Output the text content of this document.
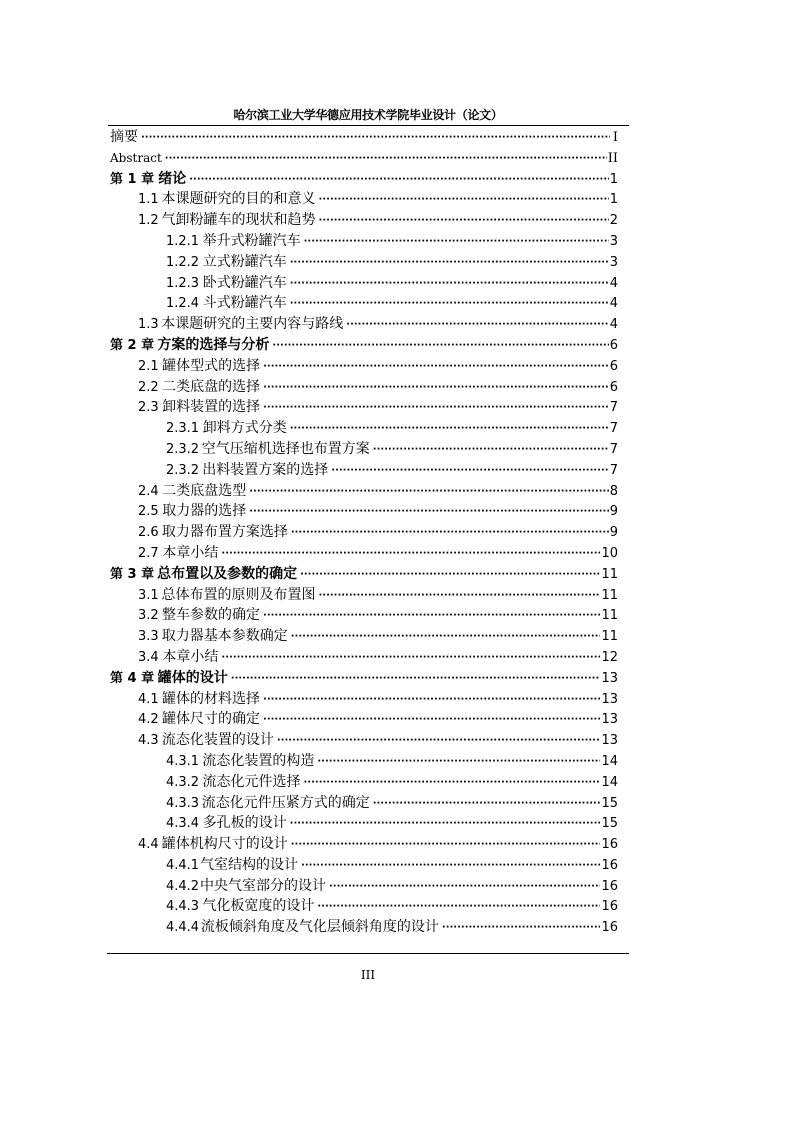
哈尔滨工业大学华德应用技术学院毕业设计（论文）
摘要 ·····	I
Abstract ·····	II
第 1 章 绪论 ·····	1
1.1 本课题研究的目的和意义 ·····	1
1.2 气卸粉罐车的现状和趋势 ·····	2
1.2.1 举升式粉罐汽车 ·····	3
1.2.2 立式粉罐汽车 ·····	3
1.2.3 卧式粉罐汽车 ·····	4
1.2.4 斗式粉罐汽车 ·····	4
1.3 本课题研究的主要内容与路线 ·····	4
第 2 章 方案的选择与分析 ·····	6
2.1 罐体型式的选择 ·····	6
2.2 二类底盘的选择 ·····	6
2.3 卸料装置的选择 ·····	7
2.3.1 卸料方式分类 ·····	7
2.3.2 空气压缩机选择也布置方案 ·····	7
2.3.2 出料装置方案的选择 ·····	7
2.4 二类底盘选型 ·····	8
2.5 取力器的选择 ·····	9
2.6 取力器布置方案选择 ·····	9
2.7 本章小结 ·····	10
第 3 章 总布置以及参数的确定 ·····	11
3.1 总体布置的原则及布置图 ·····	11
3.2 整车参数的确定 ·····	11
3.3 取力器基本参数确定 ·····	11
3.4 本章小结 ·····	12
第 4 章 罐体的设计 ·····	13
4.1 罐体的材料选择 ·····	13
4.2 罐体尺寸的确定 ·····	13
4.3 流态化装置的设计 ·····	13
4.3.1 流态化装置的构造 ·····	14
4.3.2 流态化元件选择 ·····	14
4.3.3 流态化元件压紧方式的确定 ·····	15
4.3.4 多孔板的设计 ·····	15
4.4 罐体机构尺寸的设计 ·····	16
4.4.1 气室结构的设计 ·····	16
4.4.2 中央气室部分的设计 ·····	16
4.4.3 气化板宽度的设计 ·····	16
4.4.4 流板倾斜角度及气化层倾斜角度的设计 ·····	16
III
